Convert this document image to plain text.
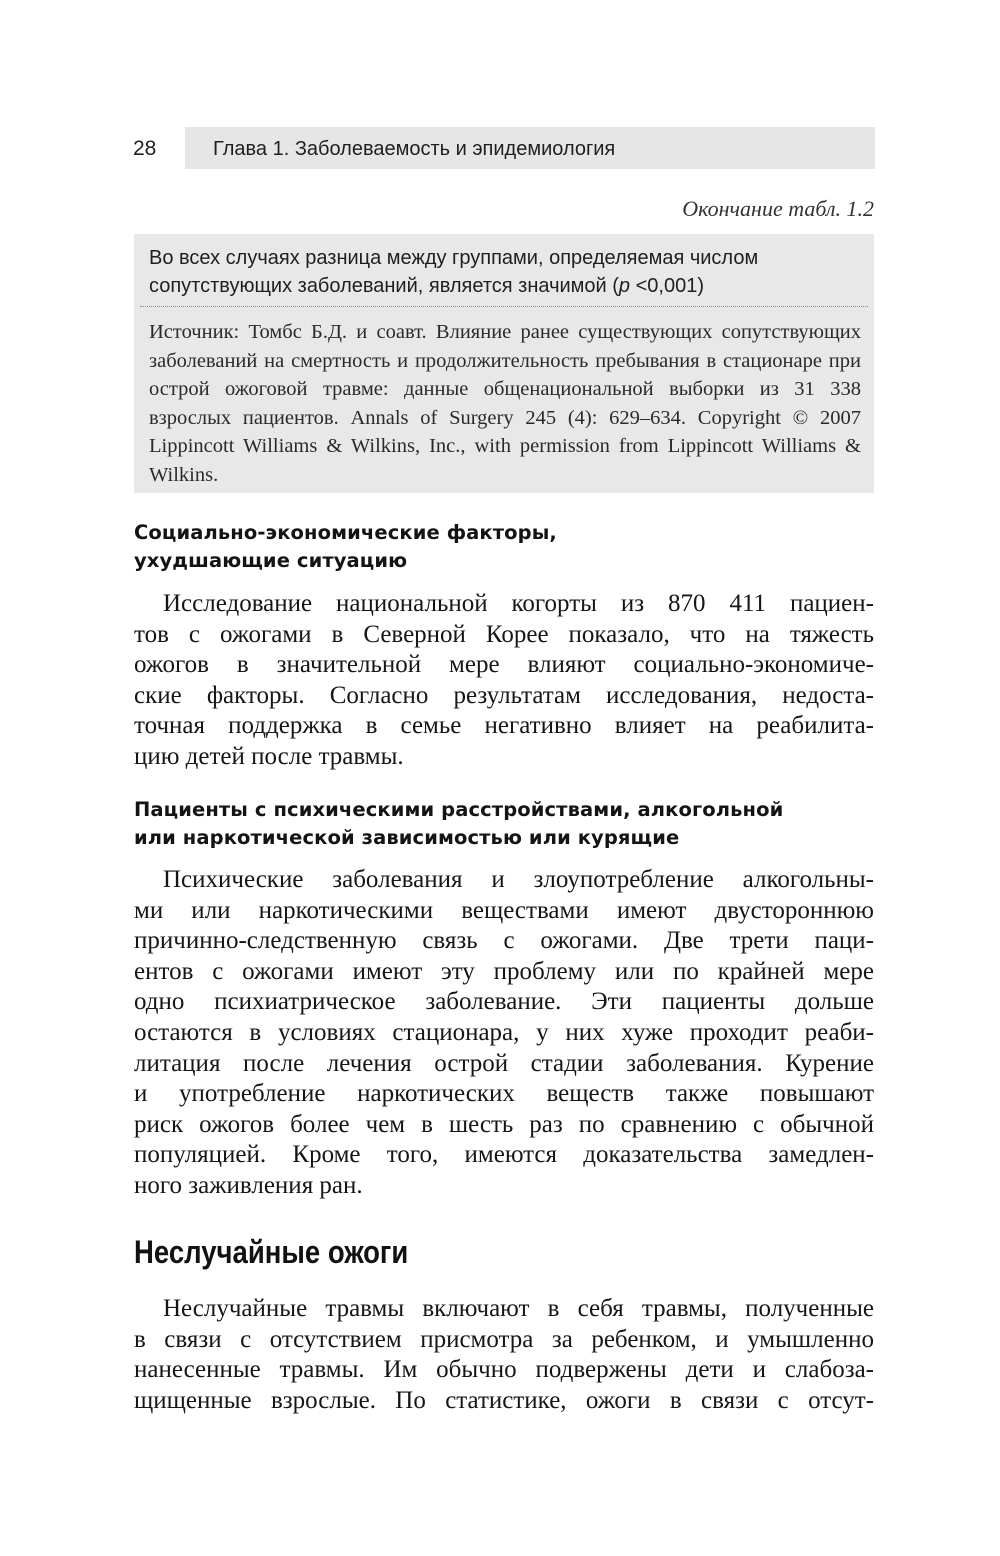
28	Глава 1. Заболеваемость и эпидемиология
Окончание табл. 1.2
Во всех случаях разница между группами, определяемая числом сопутствующих заболеваний, является значимой (р <0,001)
Источник: Томбс Б.Д. и соавт. Влияние ранее существующих сопутствующих заболеваний на смертность и продолжительность пребывания в стационаре при острой ожоговой травме: данные общенациональной выборки из 31 338 взрослых пациентов. Annals of Surgery 245 (4): 629–634. Copyright © 2007 Lippincott Williams & Wilkins, Inc., with permission from Lippincott Williams & Wilkins.
Социально-экономические факторы,
ухудшающие ситуацию
Исследование национальной когорты из 870 411 пациен-
тов с ожогами в Северной Корее показало, что на тяжесть
ожогов в значительной мере влияют социально-экономиче-
ские факторы. Согласно результатам исследования, недоста-
точная поддержка в семье негативно влияет на реабилита-
цию детей после травмы.
Пациенты с психическими расстройствами, алкогольной
или наркотической зависимостью или курящие
Психические заболевания и злоупотребление алкогольны-
ми или наркотическими веществами имеют двустороннюю
причинно-следственную связь с ожогами. Две трети паци-
ентов с ожогами имеют эту проблему или по крайней мере
одно психиатрическое заболевание. Эти пациенты дольше
остаются в условиях стационара, у них хуже проходит реаби-
литация после лечения острой стадии заболевания. Курение
и употребление наркотических веществ также повышают
риск ожогов более чем в шесть раз по сравнению с обычной
популяцией. Кроме того, имеются доказательства замедлен-
ного заживления ран.
Неслучайные ожоги
Неслучайные травмы включают в себя травмы, полученные
в связи с отсутствием присмотра за ребенком, и умышленно
нанесенные травмы. Им обычно подвержены дети и слабоза-
щищенные взрослые. По статистике, ожоги в связи с отсут-
